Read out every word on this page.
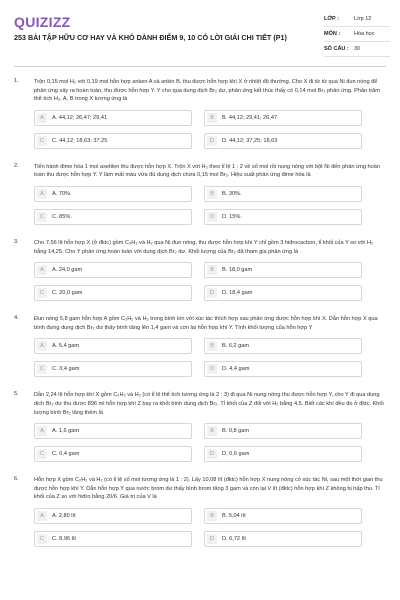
QUIZIZZ
253 BÀI TẬP HỮU CƠ HAY VÀ KHÓ DÀNH ĐIỂM 9, 10 CÓ LỜI GIẢI CHI TIẾT (P1)
LỚP :	Lớp 12
MÔN :	Hóa học
SỐ CÂU : 30
1.	Trộn 0,15 mol H₂ với 0,19 mol hỗn hợp anken A và ankin B, thu được hỗn hợp khí X ở nhiệt độ thường. Cho X đi từ từ qua Ni đun nóng để phản ứng xảy ra hoàn toàn, thu được hỗn hợp Y. Y cho qua dung dịch Br₂ dư, phản ứng kết thúc thấy có 0,14 mol Br₂ phản ứng. Phần trăm thể tích H₂, A, B trong X tương ứng là
A	A. 44,12; 26,47; 29,41	B	B. 44,12; 29,41; 26,47
C	C. 44,12; 18,63; 37,25	D	D. 44,12; 37,25; 18,63
2.	Tiến hành đime hóa 1 mol axetilen thu được hỗn hợp X. Trộn X với H₂ theo tỉ lệ 1 : 2 về số mol rồi nung nóng với bột Ni đến phản ứng hoàn toàn thu được hỗn hợp Y. Y làm mất màu vừa đủ dung dịch chứa 0,15 mol Br₂. Hiệu suất phản ứng đime hóa là
A	A. 70%.	B	B. 30%.
C	C. 85%.	D	D. 15%.
3.	Cho 7,56 lít hỗn hợp X (ở đktc) gồm C₃H₂ và H₂ qua Ni đun nóng, thu được hỗn hợp khí Y chỉ gồm 3 hiđrocacbon, tỉ khối của Y so với H₂ bằng 14,25. Cho Y phản ứng hoàn toàn với dung dịch Br₂ dư. Khối lượng của Br₂ đã tham gia phản ứng là
A	A. 24,0 gam	B	B. 18,0 gam
C	C. 20,0 gam	D	D. 18,4 gam
4.	Đun nóng 5,8 gam hỗn hợp A gồm C₂H₂ và H₂ trong bình kín với xúc tác thích hợp sau phản ứng được hỗn hợp khí X. Dẫn hỗn hợp X qua bình đựng dung dịch Br₂ dư thấy bình tăng lên 1,4 gam và còn lại hỗn hợp khí Y. Tính khối lượng của hỗn hợp Y
A	A. 5,4 gam	B	B. 6,2 gam
C	C. 3,4 gam	D	D. 4,4 gam
5.	Dẫn 2,24 lít hỗn hợp khí X gồm C₂H₂ và H₂ (có tỉ lệ thể tích tương ứng là 2 : 3) đi qua Ni nung nóng thu được hỗn hợp Y, cho Y đi qua dung dịch Br₂ dư thu được 896 ml hỗn hợp khí Z bay ra khỏi bình dung dịch Br₂. Tỉ khối của Z đối với H₂ bằng 4,5. Biết các khí đều đo ở đktc. Khối lượng bình Br₂ tăng thêm là
A	A. 1,6 gam	B	B. 0,8 gam
C	C. 0,4 gam	D	D. 0,6 gam
6.	Hỗn hợp X gồm C₂H₂ và H₂ (có tỉ lệ số mol tương ứng là 1 : 2). Lấy 10,08 lít (đktc) hỗn hợp X nung nóng có xúc tác Ni, sau một thời gian thu được hỗn hợp khí Y. Dẫn hỗn hợp Y qua nước brom dư thấy bình brom tăng 3 gam và còn lại V lít (đktc) hỗn hợp khí Z không bị hấp thu. Tỉ khối của Z so với hiđro bằng 20/6. Giá trị của V là
A	A. 2,80 lít	B	B. 5,04 lít
C	C. 8,96 lít	D	D. 6,72 lít
